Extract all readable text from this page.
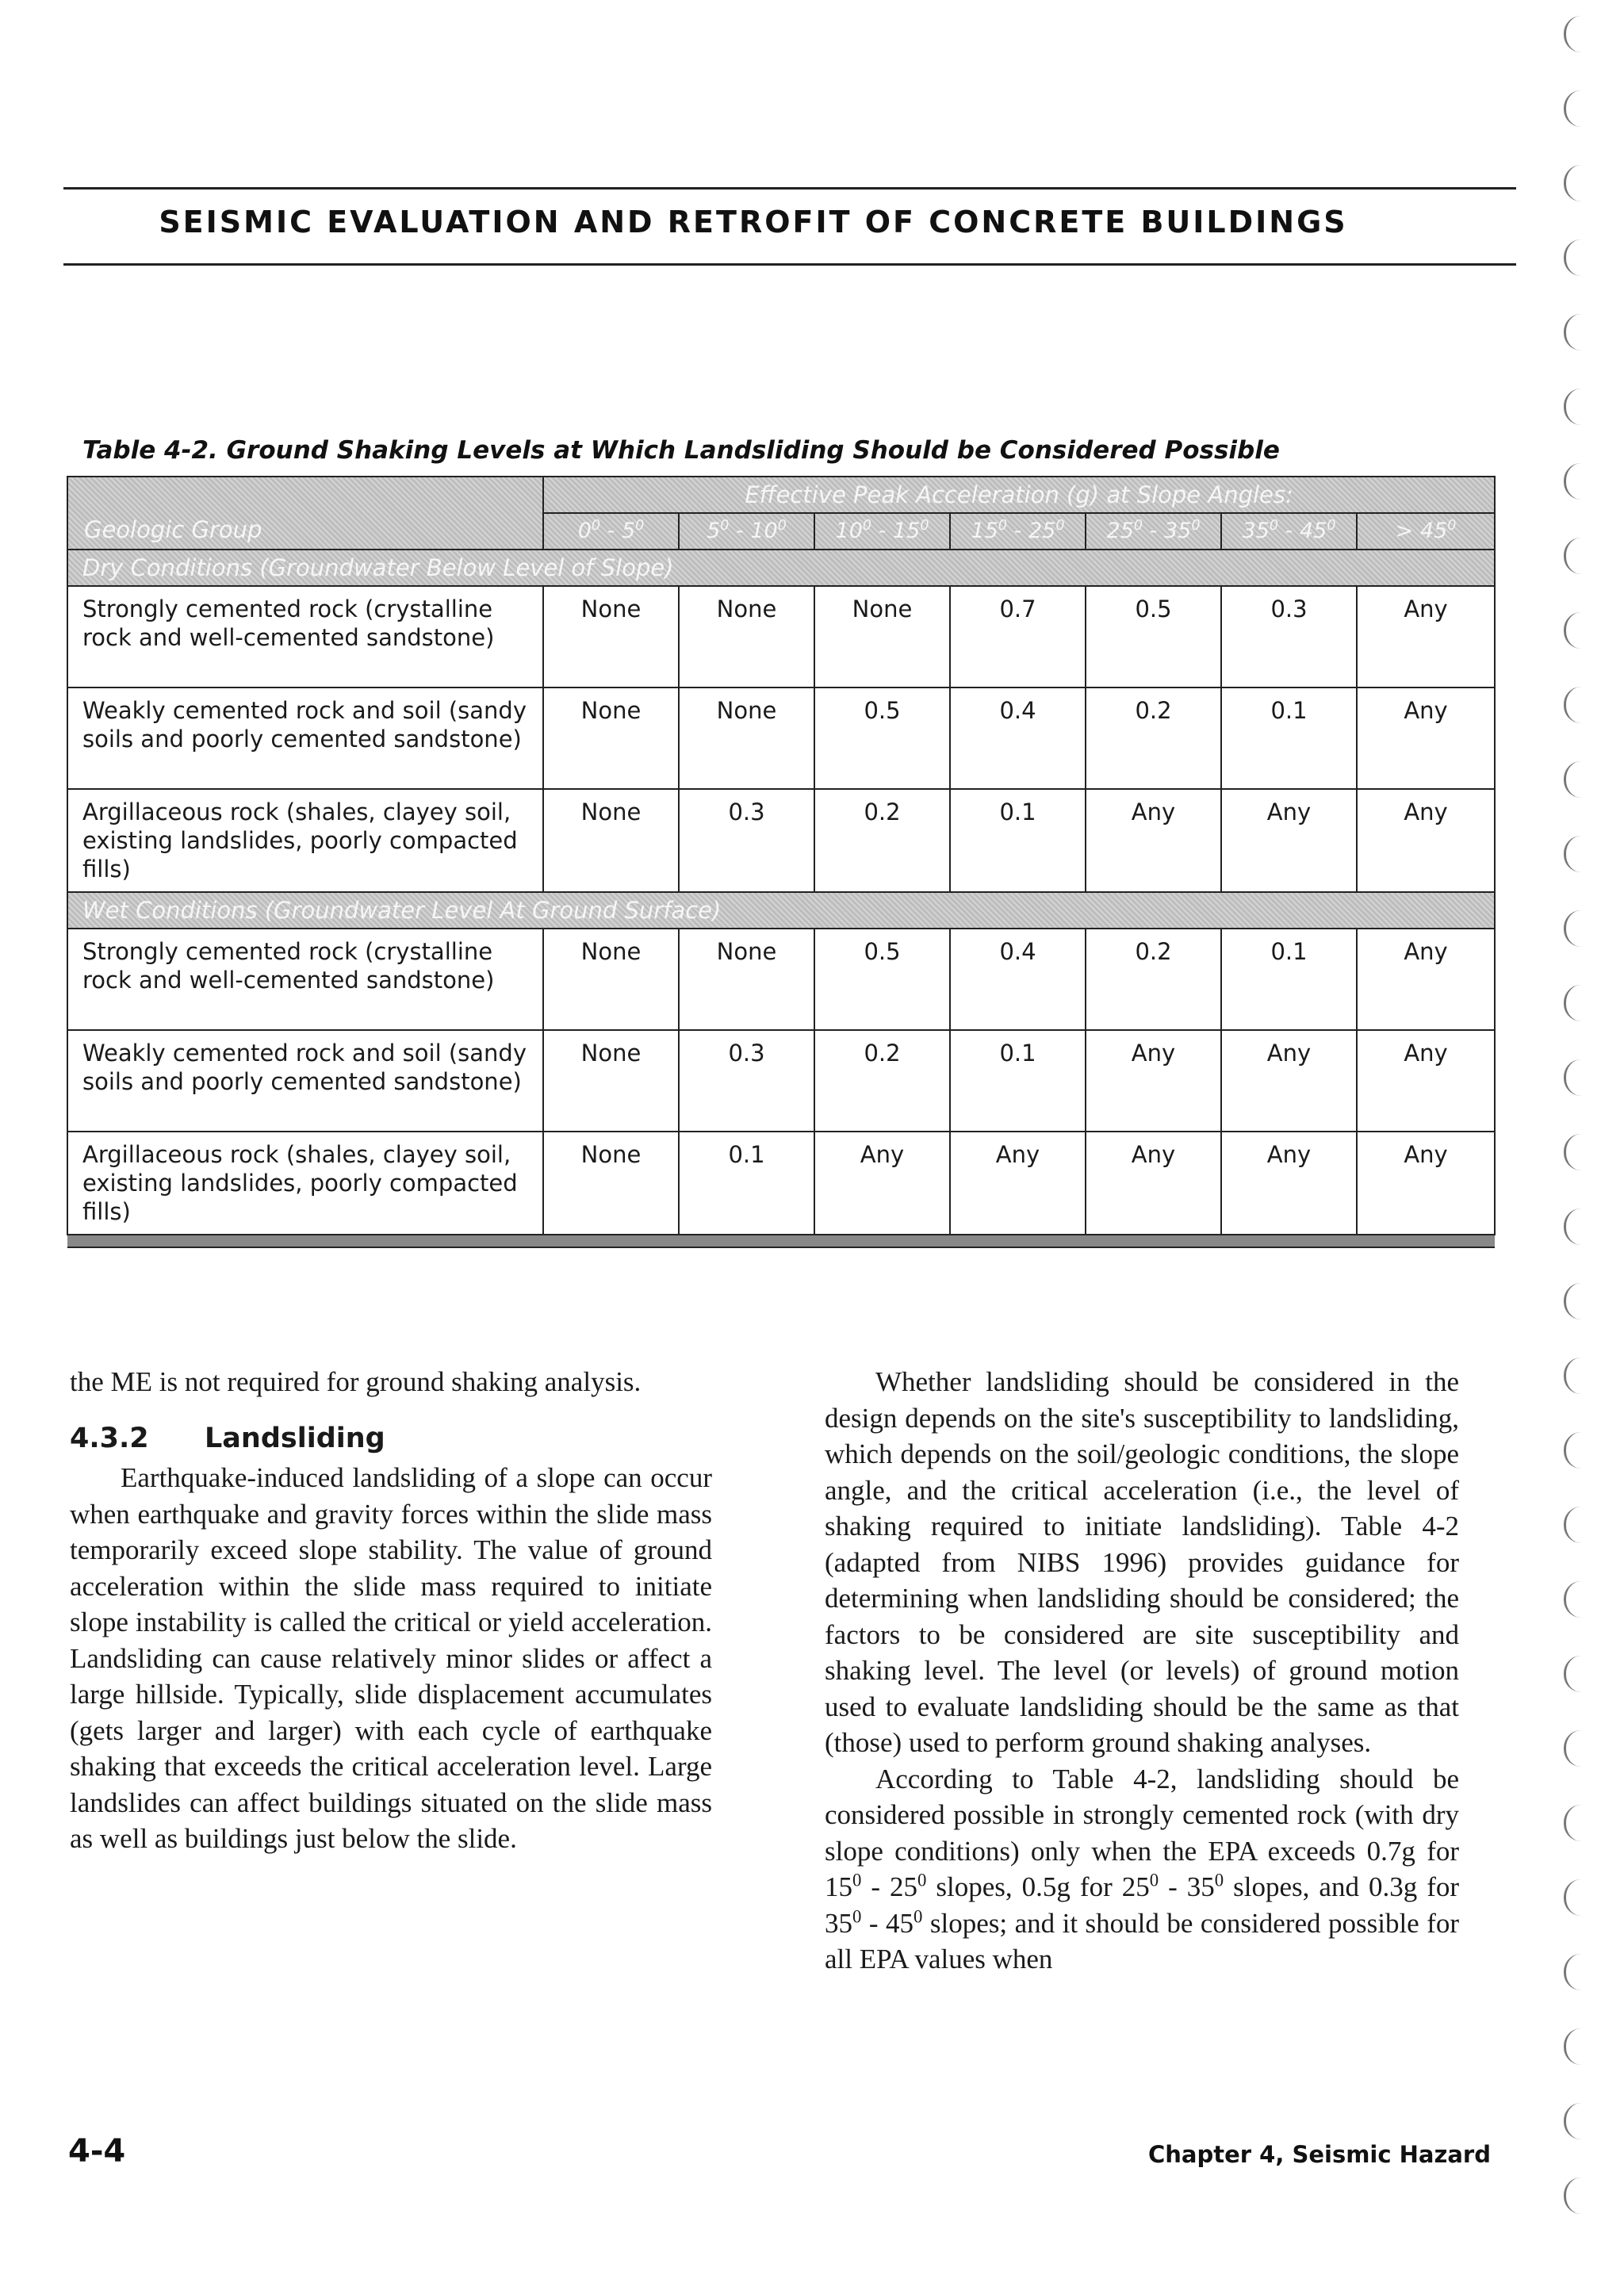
SEISMIC EVALUATION AND RETROFIT OF CONCRETE BUILDINGS
Table 4-2. Ground Shaking Levels at Which Landsliding Should be Considered Possible
Geologic Group	Effective Peak Acceleration (g) at Slope Angles:						
	$0^0 - 5^0$	$5^0 - 10^0$	$10^0 - 15^0$	$15^0 - 25^0$	$25^0 - 35^0$	$35^0 - 45^0$	> $45^0$
Dry Conditions (Groundwater Below Level of Slope)							
Strongly cemented rock (crystalline rock and well-cemented sandstone)	None	None	None	0.7	0.5	0.3	Any
Weakly cemented rock and soil (sandy soils and poorly cemented sandstone)	None	None	0.5	0.4	0.2	0.1	Any
Argillaceous rock (shales, clayey soil, existing landslides, poorly compacted fills)	None	0.3	0.2	0.1	Any	Any	Any
Wet Conditions (Groundwater Level At Ground Surface)							
Strongly cemented rock (crystalline rock and well-cemented sandstone)	None	None	0.5	0.4	0.2	0.1	Any
Weakly cemented rock and soil (sandy soils and poorly cemented sandstone)	None	0.3	0.2	0.1	Any	Any	Any
Argillaceous rock (shales, clayey soil, existing landslides, poorly compacted fills)	None	0.1	Any	Any	Any	Any	Any

the ME is not required for ground shaking analysis.

4.3.2 Landsliding

Earthquake-induced landsliding of a slope can occur when earthquake and gravity forces within the slide mass temporarily exceed slope stability. The value of ground acceleration within the slide mass required to initiate slope instability is called the critical or yield acceleration. Landsliding can cause relatively minor slides or affect a large hillside. Typically, slide displacement accumulates (gets larger and larger) with each cycle of earthquake shaking that exceeds the critical acceleration level. Large landslides can affect buildings situated on the slide mass as well as buildings just below the slide.

Whether landsliding should be considered in the design depends on the site's susceptibility to landsliding, which depends on the soil/geologic conditions, the slope angle, and the critical acceleration (i.e., the level of shaking required to initiate landsliding). Table 4-2 (adapted from NIBS 1996) provides guidance for determining when landsliding should be considered; the factors to be considered are site susceptibility and shaking level. The level (or levels) of ground motion used to evaluate landsliding should be the same as that (those) used to perform ground shaking analyses.

According to Table 4-2, landsliding should be considered possible in strongly cemented rock (with dry slope conditions) only when the EPA exceeds 0.7g for $15^0 - 25^0$ slopes, 0.5g for $25^0 - 35^0$ slopes, and 0.3g for $35^0 - 45^0$ slopes; and it should be considered possible for all EPA values when

4-4	Chapter 4, Seismic Hazard
